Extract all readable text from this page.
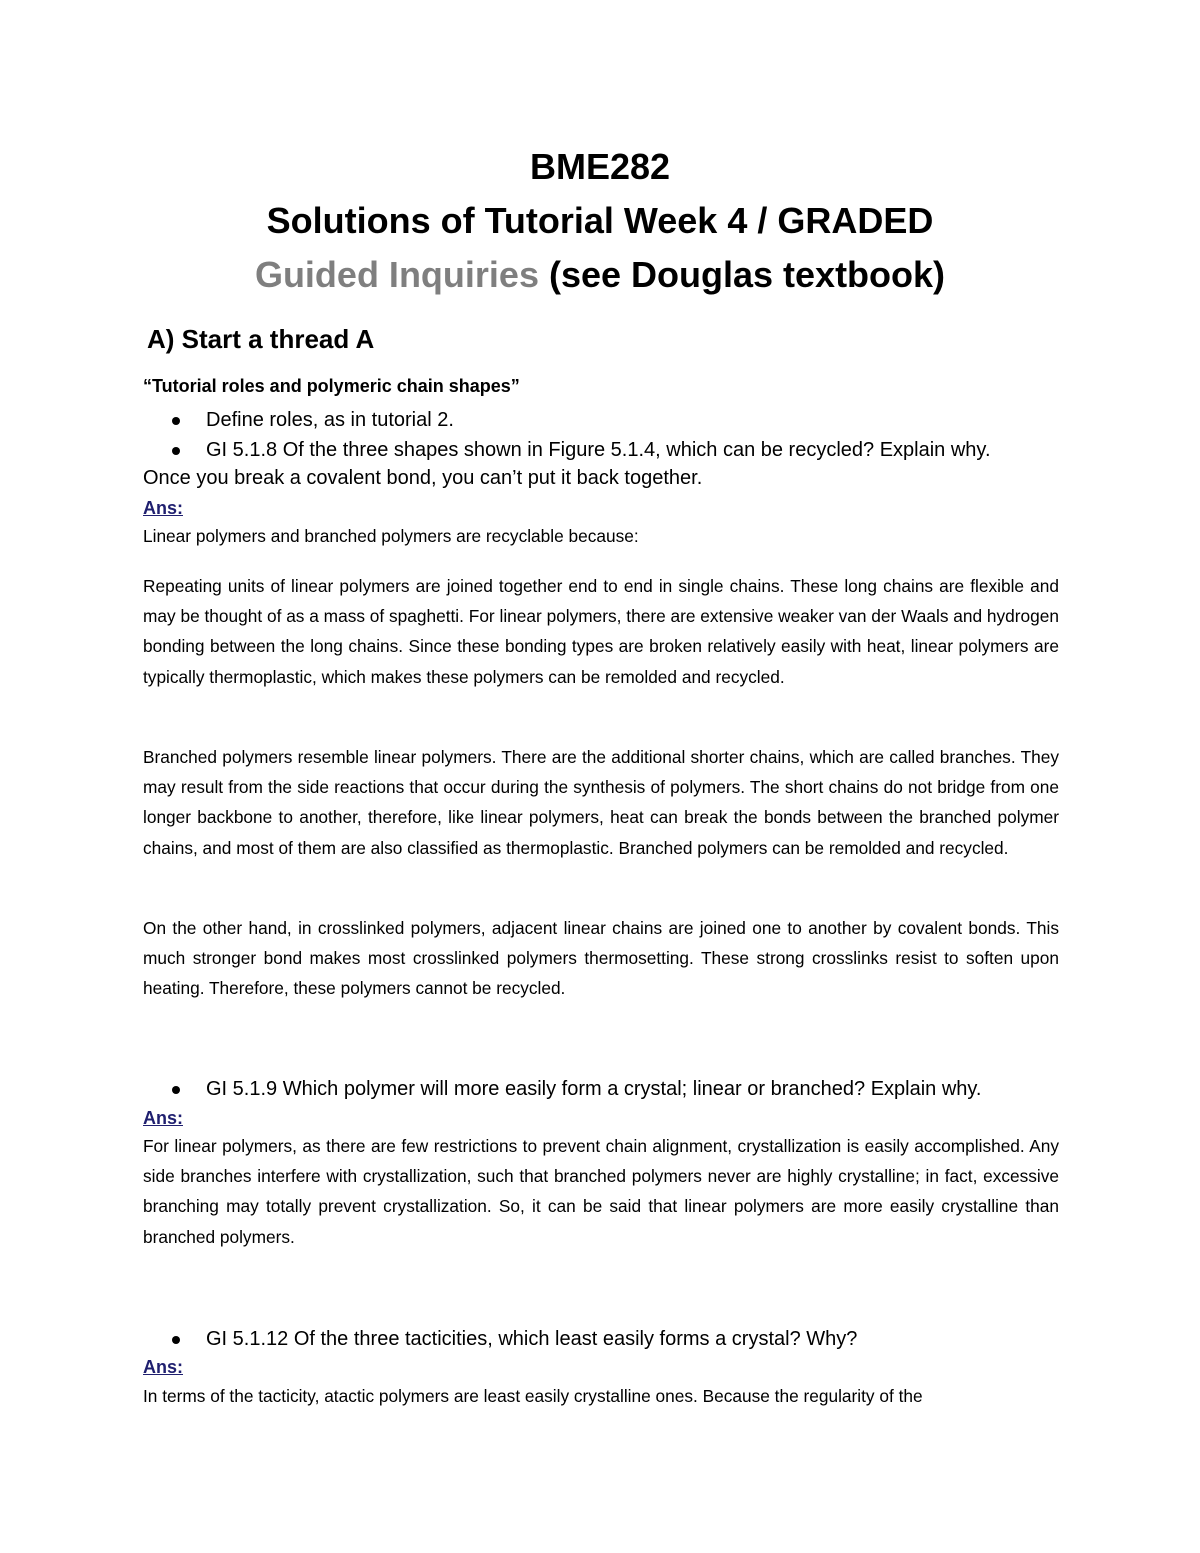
BME282
Solutions of Tutorial Week 4 / GRADED
Guided Inquiries (see Douglas textbook)
A) Start a thread A
“Tutorial roles and polymeric chain shapes”
Define roles, as in tutorial 2.
GI 5.1.8 Of the three shapes shown in Figure 5.1.4, which can be recycled? Explain why.
Once you break a covalent bond, you can’t put it back together.
Ans:

Linear polymers and branched polymers are recyclable because:

Repeating units of linear polymers are joined together end to end in single chains. These long chains are flexible and may be thought of as a mass of spaghetti. For linear polymers, there are extensive weaker van der Waals and hydrogen bonding between the long chains. Since these bonding types are broken relatively easily with heat, linear polymers are typically thermoplastic, which makes these polymers can be remolded and recycled.

Branched polymers resemble linear polymers. There are the additional shorter chains, which are called branches. They may result from the side reactions that occur during the synthesis of polymers. The short chains do not bridge from one longer backbone to another, therefore, like linear polymers, heat can break the bonds between the branched polymer chains, and most of them are also classified as thermoplastic. Branched polymers can be remolded and recycled.

On the other hand, in crosslinked polymers, adjacent linear chains are joined one to another by covalent bonds. This much stronger bond makes most crosslinked polymers thermosetting. These strong crosslinks resist to soften upon heating. Therefore, these polymers cannot be recycled.

GI 5.1.9 Which polymer will more easily form a crystal; linear or branched? Explain why.
Ans:

For linear polymers, as there are few restrictions to prevent chain alignment, crystallization is easily accomplished. Any side branches interfere with crystallization, such that branched polymers never are highly crystalline; in fact, excessive branching may totally prevent crystallization. So, it can be said that linear polymers are more easily crystalline than branched polymers.

GI 5.1.12 Of the three tacticities, which least easily forms a crystal? Why?
Ans:

In terms of the tacticity, atactic polymers are least easily crystalline ones. Because the regularity of the
